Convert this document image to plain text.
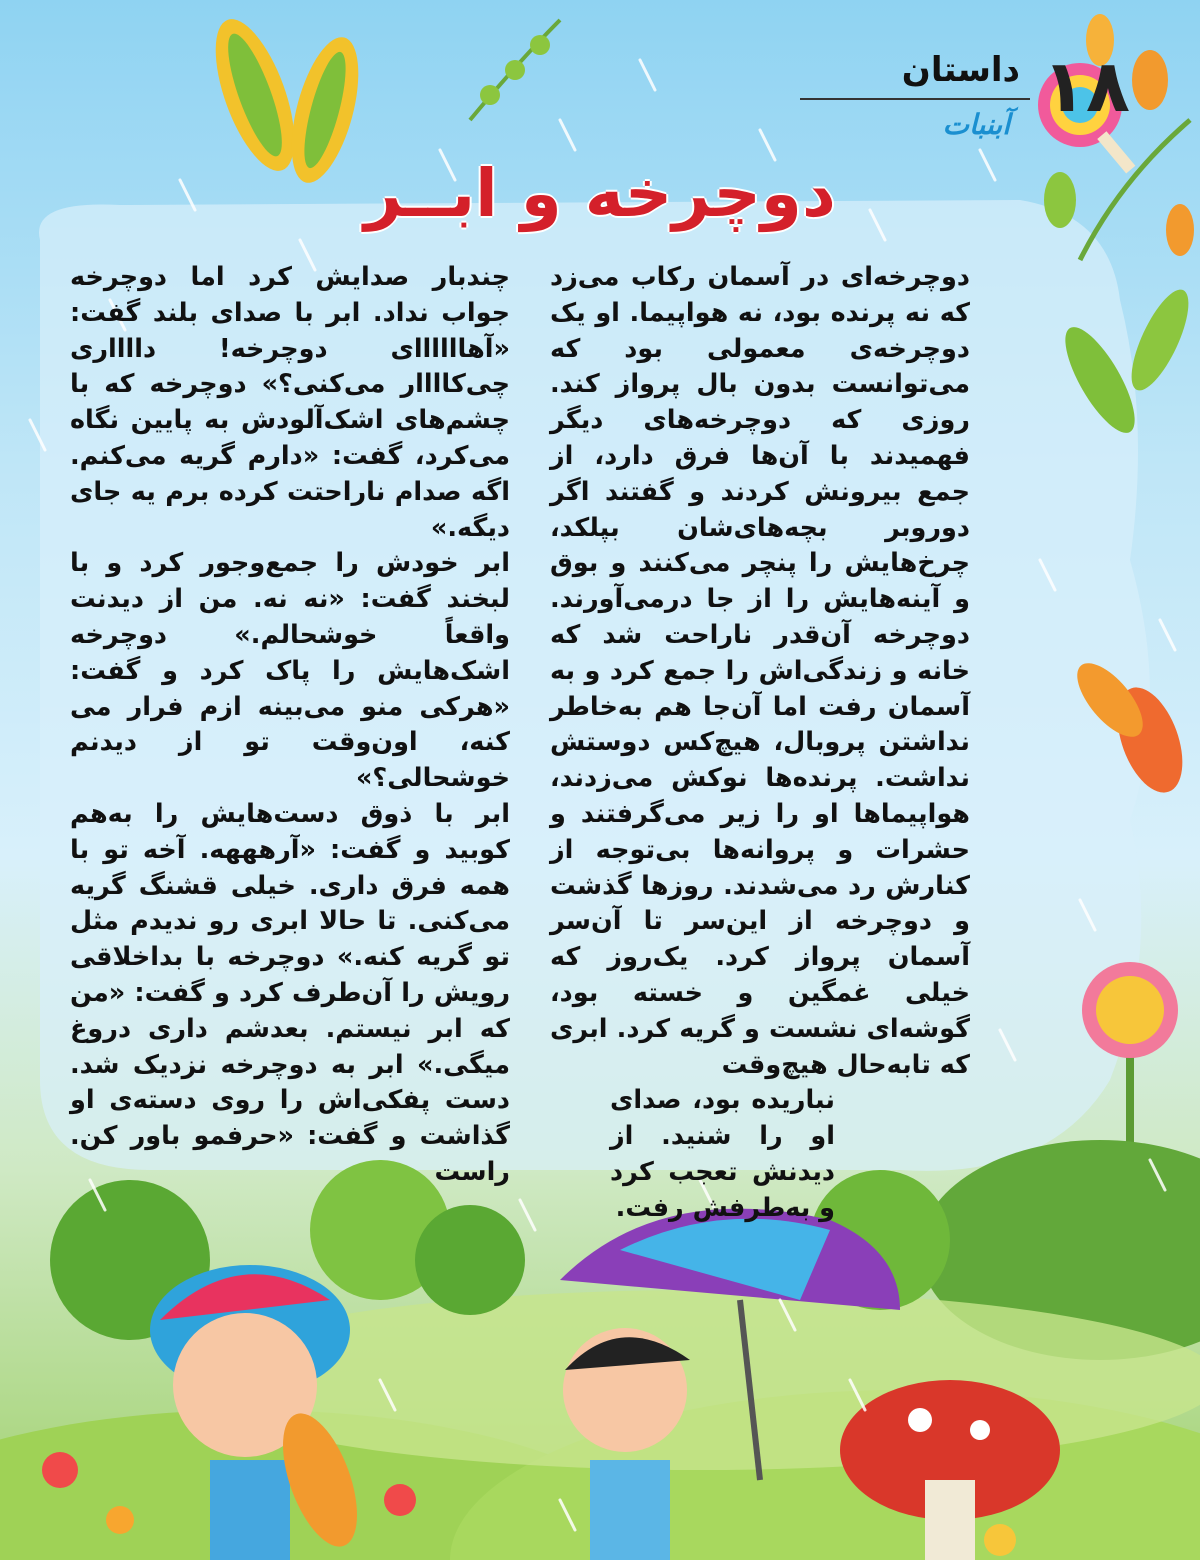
داستان ۱۸
آبنبات
دوچرخه و ابــر

دوچرخه‌ای در آسمان رکاب می‌زد که نه پرنده بود، نه هواپیما. او یک دوچرخه‌ی معمولی بود که می‌توانست بدون بال پرواز کند. روزی که دوچرخه‌های دیگر فهمیدند با آن‌ها فرق دارد، از جمع بیرونش کردند و گفتند اگر دوروبر بچه‌های‌شان بپلکد، چرخ‌هایش را پنچر می‌کنند و بوق و آینه‌هایش را از جا درمی‌آورند. دوچرخه آن‌قدر ناراحت شد که خانه و زندگی‌اش را جمع کرد و به آسمان رفت اما آن‌جا هم به‌خاطر نداشتن پروبال، هیچ‌کس دوستش نداشت. پرنده‌ها نوکش می‌زدند، هواپیماها او را زیر می‌گرفتند و حشرات و پروانه‌ها بی‌توجه از کنارش رد می‌شدند. روزها گذشت و دوچرخه از این‌سر تا آن‌سر آسمان پرواز کرد. یک‌روز که خیلی غمگین و خسته بود، گوشه‌ای نشست و گریه کرد. ابری که تابه‌حال هیچ‌وقت

نباریده بود، صدای او را شنید. از دیدنش تعجب کرد و به‌طرفش رفت.

چندبار صدایش کرد اما دوچرخه جواب نداد. ابر با صدای بلند گفت: «آهاااااای دوچرخه! دااااری چی‌کاااار می‌کنی؟» دوچرخه که با چشم‌های اشک‌آلودش به پایین نگاه می‌کرد، گفت: «دارم گریه می‌کنم. اگه صدام ناراحتت کرده برم یه جای دیگه.»

ابر خودش را جمع‌وجور کرد و با لبخند گفت: «نه نه. من از دیدنت واقعاً خوشحالم.» دوچرخه اشک‌هایش را پاک کرد و گفت: «هرکی منو می‌بینه ازم فرار می کنه، اون‌وقت تو از دیدنم خوشحالی؟»

ابر با ذوق دست‌هایش را به‌هم کوبید و گفت: «آرهههه. آخه تو با همه فرق داری. خیلی قشنگ گریه می‌کنی. تا حالا ابری رو ندیدم مثل تو گریه کنه.» دوچرخه با بداخلاقی رویش را آن‌طرف کرد و گفت: «من که ابر نیستم. بعدشم داری دروغ میگی.» ابر به دوچرخه نزدیک شد. دست پفکی‌اش را روی دسته‌ی او گذاشت و گفت: «حرفمو باور کن. راست
